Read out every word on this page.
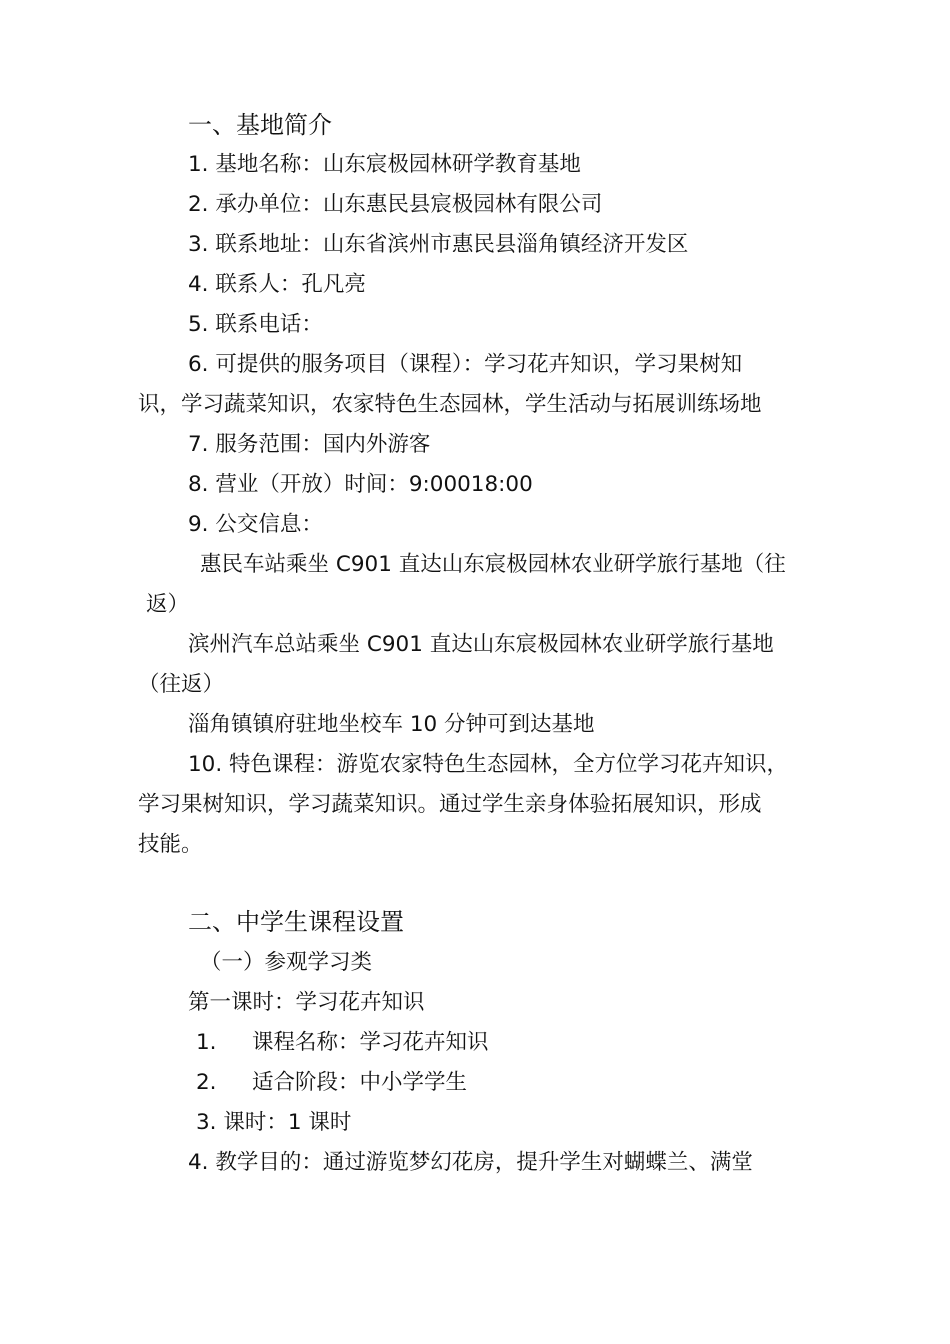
一、基地简介
1. 基地名称：山东宸极园林研学教育基地
2. 承办单位：山东惠民县宸极园林有限公司
3. 联系地址：山东省滨州市惠民县淄角镇经济开发区
4. 联系人：孔凡亮
5. 联系电话：
6. 可提供的服务项目（课程）：学习花卉知识，学习果树知
识，学习蔬菜知识，农家特色生态园林，学生活动与拓展训练场地
7. 服务范围：国内外游客
8. 营业（开放）时间：9:00018:00
9. 公交信息：
惠民车站乘坐 C901 直达山东宸极园林农业研学旅行基地（往
返）
滨州汽车总站乘坐 C901 直达山东宸极园林农业研学旅行基地
（往返）
淄角镇镇府驻地坐校车 10 分钟可到达基地
10. 特色课程：游览农家特色生态园林，全方位学习花卉知识，
学习果树知识，学习蔬菜知识。通过学生亲身体验拓展知识，形成
技能。
二、中学生课程设置
（一）参观学习类
第一课时：学习花卉知识
1. 课程名称：学习花卉知识
2. 适合阶段：中小学学生
3. 课时：1 课时
4. 教学目的：通过游览梦幻花房，提升学生对蝴蝶兰、满堂
